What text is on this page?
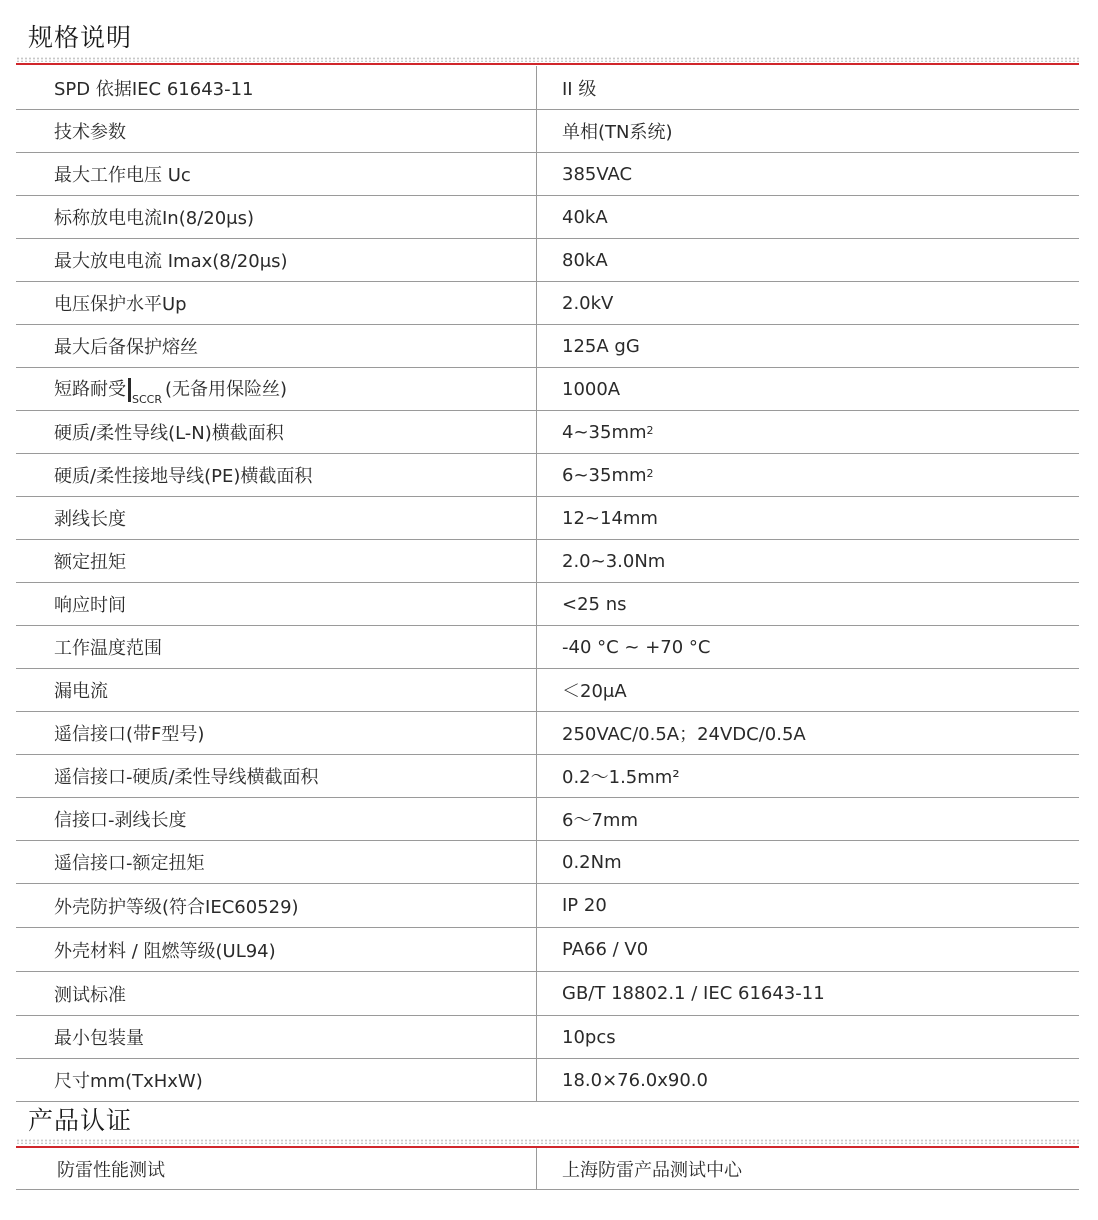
规格说明
SPD 依据IEC 61643-11	II 级
技术参数	单相(TN系统)
最大工作电压 Uc	385VAC
标称放电电流In(8/20μs)	40kA
最大放电电流 Imax(8/20μs)	80kA
电压保护水平Up	2.0kV
最大后备保护熔丝	125A gG
短路耐受 $_{SCCR}$ (无备用保险丝)	1000A
硬质/柔性导线(L-N)横截面积	$4\sim 35mm^2$
硬质/柔性接地导线(PE)横截面积	$6\sim 35mm^2$
剥线长度	12~14mm
额定扭矩	2.0~3.0Nm
响应时间	<25 ns
工作温度范围	-40 °C ~ +70 °C
漏电流	＜20μA
遥信接口(带F型号)	250VAC/0.5A；24VDC/0.5A
遥信接口-硬质/柔性导线横截面积	0.2～1.5mm²
信接口-剥线长度	6～7mm
遥信接口-额定扭矩	0.2Nm
外壳防护等级(符合IEC60529)	IP 20
外壳材料 / 阻燃等级(UL94)	PA66 / V0
测试标准	GB/T 18802.1 / IEC 61643-11
最小包装量	10pcs
尺寸mm(TxHxW)	18.0×76.0x90.0
产品认证
防雷性能测试	上海防雷产品测试中心
